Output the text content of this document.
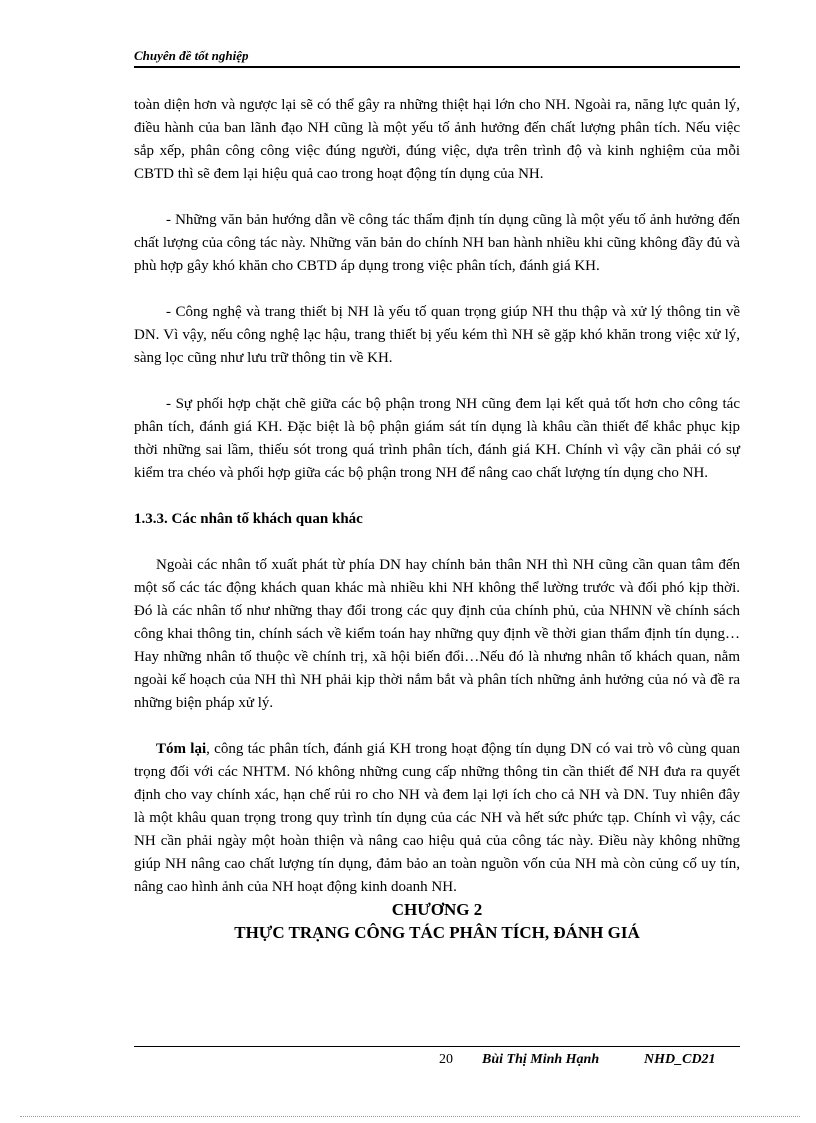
Chuyên đề tốt nghiệp

toàn diện hơn và ngược lại sẽ có thể gây ra những thiệt hại lớn cho NH. Ngoài ra, năng lực quản lý, điều hành của ban lãnh đạo NH cũng là một yếu tố ảnh hưởng đến chất lượng phân tích. Nếu việc sắp xếp, phân công công việc đúng người, đúng việc, dựa trên trình độ và kinh nghiệm của mỗi CBTD thì sẽ đem lại hiệu quả cao trong hoạt động tín dụng của NH.

- Những văn bản hướng dẫn về công tác thẩm định tín dụng cũng là một yếu tố ảnh hưởng đến chất lượng của công tác này. Những văn bản do chính NH ban hành nhiều khi cũng không đầy đủ và phù hợp gây khó khăn cho CBTD áp dụng trong việc phân tích, đánh giá KH.

- Công nghệ và trang thiết bị NH là yếu tố quan trọng giúp NH thu thập và xử lý thông tin về DN. Vì vậy, nếu công nghệ lạc hậu, trang thiết bị yếu kém thì NH sẽ gặp khó khăn trong việc xử lý, sàng lọc cũng như lưu trữ thông tin về KH.

- Sự phối hợp chặt chẽ giữa các bộ phận trong NH cũng đem lại kết quả tốt hơn cho công tác phân tích, đánh giá KH. Đặc biệt là bộ phận giám sát tín dụng là khâu cần thiết để khắc phục kịp thời những sai lầm, thiếu sót trong quá trình phân tích, đánh giá KH. Chính vì vậy cần phải có sự kiểm tra chéo và phối hợp giữa các bộ phận trong NH để nâng cao chất lượng tín dụng cho NH.

1.3.3. Các nhân tố khách quan khác

Ngoài các nhân tố xuất phát từ phía DN hay chính bản thân NH thì NH cũng cần quan tâm đến một số các tác động khách quan khác mà nhiều khi NH không thể lường trước và đối phó kịp thời. Đó là các nhân tố như những thay đổi trong các quy định của chính phủ, của NHNN về chính sách công khai thông tin, chính sách về kiểm toán hay những quy định về thời gian thẩm định tín dụng…Hay những nhân tố thuộc về chính trị, xã hội biến đổi…Nếu đó là nhưng nhân tố khách quan, nằm ngoài kế hoạch của NH thì NH phải kịp thời nắm bắt và phân tích những ảnh hưởng của nó và đề ra những biện pháp xử lý.

Tóm lại, công tác phân tích, đánh giá KH trong hoạt động tín dụng DN có vai trò vô cùng quan trọng đối với các NHTM. Nó không những cung cấp những thông tin cần thiết để NH đưa ra quyết định cho vay chính xác, hạn chế rủi ro cho NH và đem lại lợi ích cho cả NH và DN. Tuy nhiên đây là một khâu quan trọng trong quy trình tín dụng của các NH và hết sức phức tạp. Chính vì vậy, các NH cần phải ngày một hoàn thiện và nâng cao hiệu quả của công tác này. Điều này không những giúp NH nâng cao chất lượng tín dụng, đảm bảo an toàn nguồn vốn của NH mà còn củng cố uy tín, nâng cao hình ảnh của NH hoạt động kinh doanh NH.

CHƯƠNG 2

THỰC TRẠNG CÔNG TÁC PHÂN TÍCH, ĐÁNH GIÁ

20 Bùi Thị Minh Hạnh	NHD_CD21
